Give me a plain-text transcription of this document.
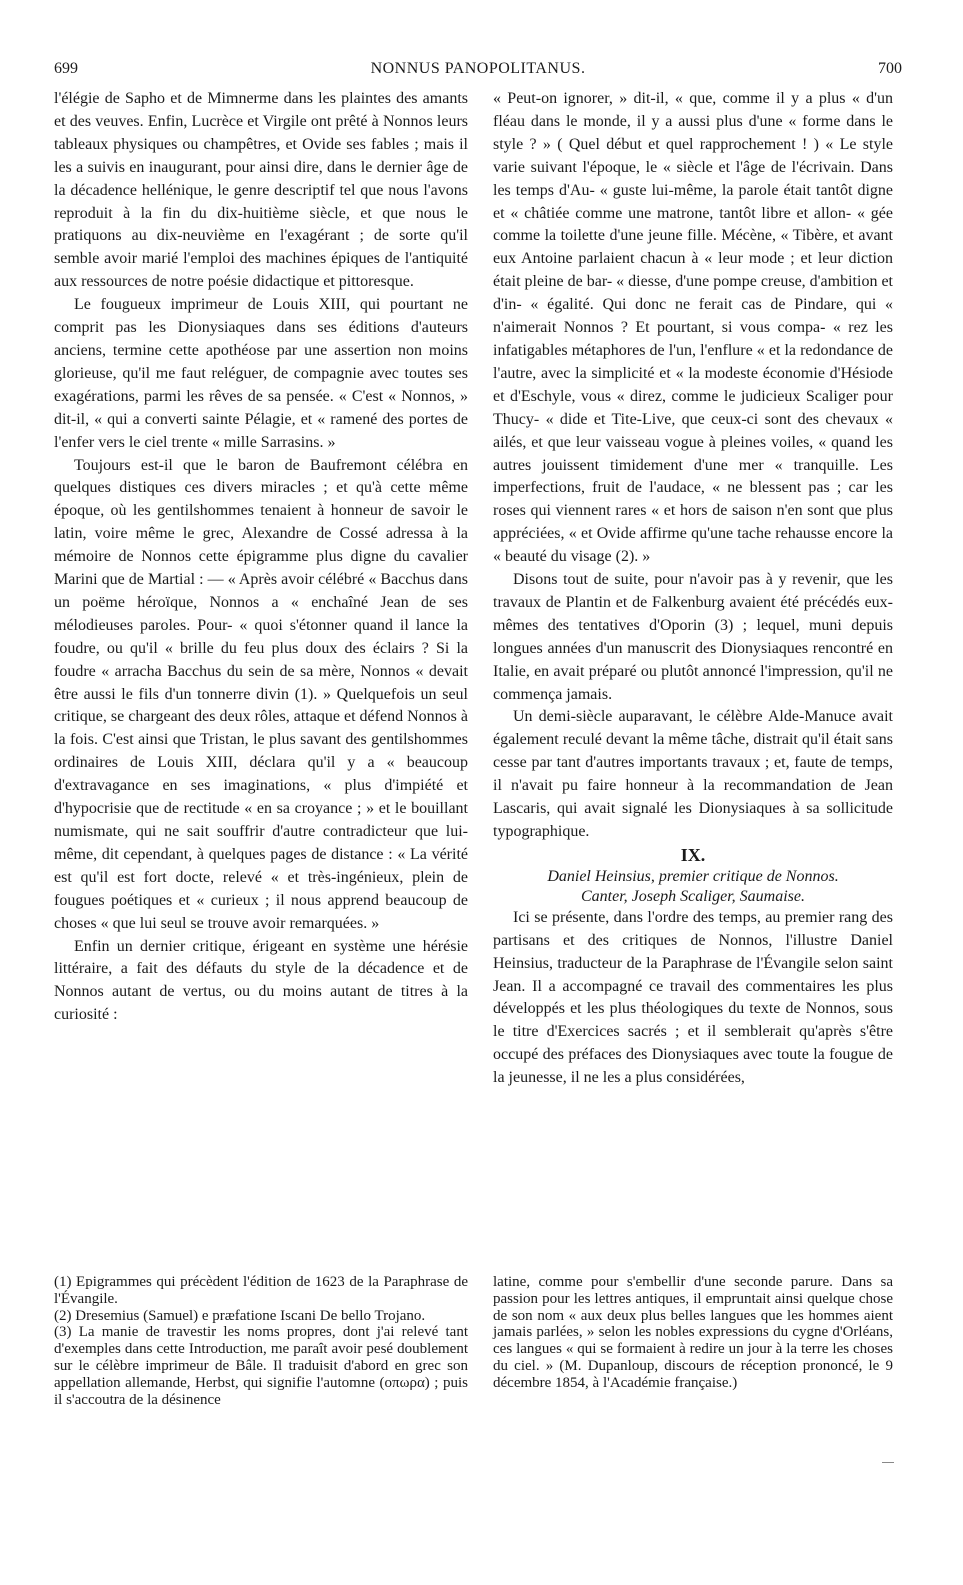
699	NONNUS PANOPOLITANUS.	700

l'élégie de Sapho et de Mimnerme dans les plaintes des amants et des veuves. Enfin, Lucrèce et Virgile ont prêté à Nonnos leurs tableaux physiques ou champêtres, et Ovide ses fables ; mais il les a suivis en inaugurant, pour ainsi dire, dans le dernier âge de la décadence hellénique, le genre descriptif tel que nous l'avons reproduit à la fin du dix-huitième siècle, et que nous le pratiquons au dix-neuvième en l'exagérant ; de sorte qu'il semble avoir marié l'emploi des machines épiques de l'antiquité aux ressources de notre poésie didactique et pittoresque.

Le fougueux imprimeur de Louis XIII, qui pourtant ne comprit pas les Dionysiaques dans ses éditions d'auteurs anciens, termine cette apothéose par une assertion non moins glorieuse, qu'il me faut reléguer, de compagnie avec toutes ses exagérations, parmi les rêves de sa pensée. « C'est « Nonnos, » dit-il, « qui a converti sainte Pélagie, et « ramené des portes de l'enfer vers le ciel trente « mille Sarrasins. »

Toujours est-il que le baron de Baufremont célébra en quelques distiques ces divers miracles ; et qu'à cette même époque, où les gentilshommes tenaient à honneur de savoir le latin, voire même le grec, Alexandre de Cossé adressa à la mémoire de Nonnos cette épigramme plus digne du cavalier Marini que de Martial : — « Après avoir célébré « Bacchus dans un poëme héroïque, Nonnos a « enchaîné Jean de ses mélodieuses paroles. Pour- « quoi s'étonner quand il lance la foudre, ou qu'il « brille du feu plus doux des éclairs ? Si la foudre « arracha Bacchus du sein de sa mère, Nonnos « devait être aussi le fils d'un tonnerre divin (1). » Quelquefois un seul critique, se chargeant des deux rôles, attaque et défend Nonnos à la fois. C'est ainsi que Tristan, le plus savant des gentilshommes ordinaires de Louis XIII, déclara qu'il y a « beaucoup d'extravagance en ses imaginations, « plus d'impiété et d'hypocrisie que de rectitude « en sa croyance ; » et le bouillant numismate, qui ne sait souffrir d'autre contradicteur que lui-même, dit cependant, à quelques pages de distance : « La vérité est qu'il est fort docte, relevé « et très-ingénieux, plein de fougues poétiques et « curieux ; il nous apprend beaucoup de choses « que lui seul se trouve avoir remarquées. »

Enfin un dernier critique, érigeant en système une hérésie littéraire, a fait des défauts du style de la décadence et de Nonnos autant de vertus, ou du moins autant de titres à la curiosité :

(1) Epigrammes qui précèdent l'édition de 1623 de la Paraphrase de l'Évangile.

(2) Dresemius (Samuel) e præfatione Iscani De bello Trojano.

(3) La manie de travestir les noms propres, dont j'ai relevé tant d'exemples dans cette Introduction, me paraît avoir pesé doublement sur le célèbre imprimeur de Bâle. Il traduisit d'abord en grec son appellation allemande, Herbst, qui signifie l'automne (οπωρα) ; puis il s'accoutra de la désinence

« Peut-on ignorer, » dit-il, « que, comme il y a plus « d'un fléau dans le monde, il y a aussi plus d'une « forme dans le style ? » ( Quel début et quel rapprochement ! ) « Le style varie suivant l'époque, le « siècle et l'âge de l'écrivain. Dans les temps d'Au- « guste lui-même, la parole était tantôt digne et « châtiée comme une matrone, tantôt libre et allon- « gée comme la toilette d'une jeune fille. Mécène, « Tibère, et avant eux Antoine parlaient chacun à « leur mode ; et leur diction était pleine de bar- « diesse, d'une pompe creuse, d'ambition et d'in- « égalité. Qui donc ne ferait cas de Pindare, qui « n'aimerait Nonnos ? Et pourtant, si vous compa- « rez les infatigables métaphores de l'un, l'enflure « et la redondance de l'autre, avec la simplicité et « la modeste économie d'Hésiode et d'Eschyle, vous « direz, comme le judicieux Scaliger pour Thucy- « dide et Tite-Live, que ceux-ci sont des chevaux « ailés, et que leur vaisseau vogue à pleines voiles, « quand les autres jouissent timidement d'une mer « tranquille. Les imperfections, fruit de l'audace, « ne blessent pas ; car les roses qui viennent rares « et hors de saison n'en sont que plus appréciées, « et Ovide affirme qu'une tache rehausse encore la « beauté du visage (2). »

Disons tout de suite, pour n'avoir pas à y revenir, que les travaux de Plantin et de Falkenburg avaient été précédés eux-mêmes des tentatives d'Oporin (3) ; lequel, muni depuis longues années d'un manuscrit des Dionysiaques rencontré en Italie, en avait préparé ou plutôt annoncé l'impression, qu'il ne commença jamais.

Un demi-siècle auparavant, le célèbre Alde-Manuce avait également reculé devant la même tâche, distrait qu'il était sans cesse par tant d'autres importants travaux ; et, faute de temps, il n'avait pu faire honneur à la recommandation de Jean Lascaris, qui avait signalé les Dionysiaques à sa sollicitude typographique.

IX.

Daniel Heinsius, premier critique de Nonnos.

Canter, Joseph Scaliger, Saumaise.

Ici se présente, dans l'ordre des temps, au premier rang des partisans et des critiques de Nonnos, l'illustre Daniel Heinsius, traducteur de la Paraphrase de l'Évangile selon saint Jean. Il a accompagné ce travail des commentaires les plus développés et les plus théologiques du texte de Nonnos, sous le titre d'Exercices sacrés ; et il semblerait qu'après s'être occupé des préfaces des Dionysiaques avec toute la fougue de la jeunesse, il ne les a plus considérées,

latine, comme pour s'embellir d'une seconde parure. Dans sa passion pour les lettres antiques, il empruntait ainsi quelque chose de son nom « aux deux plus belles langues que les hommes aient jamais parlées, » selon les nobles expressions du cygne d'Orléans, ces langues « qui se formaient à redire un jour à la terre les choses du ciel. » (M. Dupanloup, discours de réception prononcé, le 9 décembre 1854, à l'Académie française.)
